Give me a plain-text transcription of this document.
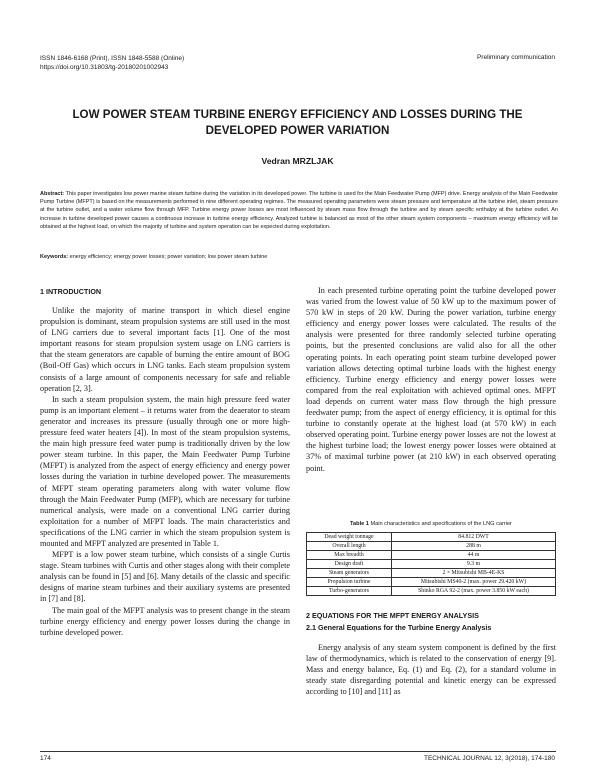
ISSN 1846-6168 (Print), ISSN 1848-5588 (Online)
https://doi.org/10.31803/tg-20180201002943
Preliminary communication
LOW POWER STEAM TURBINE ENERGY EFFICIENCY AND LOSSES DURING THE
DEVELOPED POWER VARIATION
Vedran MRZLJAK
Abstract: This paper investigates low power marine steam turbine during the variation in its developed power. The turbine is used for the Main Feedwater Pump (MFP) drive. Energy analysis of the Main Feedwater Pump Turbine (MFPT) is based on the measurements performed in nine different operating regimes. The measured operating parameters were steam pressure and temperature at the turbine inlet, steam pressure at the turbine outlet, and a water volume flow through MFP. Turbine energy power losses are most influenced by steam mass flow through the turbine and by steam specific enthalpy at the turbine outlet. An increase in turbine developed power causes a continuous increase in turbine energy efficiency. Analyzed turbine is balanced as most of the other steam system components – maximum energy efficiency will be obtained at the highest load, on which the majority of turbine and system operation can be expected during exploitation.
Keywords: energy efficiency; energy power losses; power variation; low power steam turbine
1 INTRODUCTION

Unlike the majority of marine transport in which diesel engine propulsion is dominant, steam propulsion systems are still used in the most of LNG carriers due to several important facts [1]. One of the most important reasons for steam propulsion system usage on LNG carriers is that the steam generators are capable of burning the entire amount of BOG (Boil-Off Gas) which occurs in LNG tanks. Each steam propulsion system consists of a large amount of components necessary for safe and reliable operation [2, 3].

In such a steam propulsion system, the main high pressure feed water pump is an important element – it returns water from the deaerator to steam generator and increases its pressure (usually through one or more high-pressure feed water heaters [4]). In most of the steam propulsion systems, the main high pressure feed water pump is traditionally driven by the low power steam turbine. In this paper, the Main Feedwater Pump Turbine (MFPT) is analyzed from the aspect of energy efficiency and energy power losses during the variation in turbine developed power. The measurements of MFPT steam operating parameters along with water volume flow through the Main Feedwater Pump (MFP), which are necessary for turbine numerical analysis, were made on a conventional LNG carrier during exploitation for a number of MFPT loads. The main characteristics and specifications of the LNG carrier in which the steam propulsion system is mounted and MFPT analyzed are presented in Table 1.

MFPT is a low power steam turbine, which consists of a single Curtis stage. Steam turbines with Curtis and other stages along with their complete analysis can be found in [5] and [6]. Many details of the classic and specific designs of marine steam turbines and their auxiliary systems are presented in [7] and [8].

The main goal of the MFPT analysis was to present change in the steam turbine energy efficiency and energy power losses during the change in turbine developed power.

In each presented turbine operating point the turbine developed power was varied from the lowest value of 50 kW up to the maximum power of 570 kW in steps of 20 kW. During the power variation, turbine energy efficiency and energy power losses were calculated. The results of the analysis were presented for three randomly selected turbine operating points, but the presented conclusions are valid also for all the other operating points. In each operating point steam turbine developed power variation allows detecting optimal turbine loads with the highest energy efficiency. Turbine energy efficiency and energy power losses were compared from the real exploitation with achieved optimal ones. MFPT load depends on current water mass flow through the high pressure feedwater pump; from the aspect of energy efficiency, it is optimal for this turbine to constantly operate at the highest load (at 570 kW) in each observed operating point. Turbine energy power losses are not the lowest at the highest turbine load; the lowest energy power losses were obtained at 37% of maximal turbine power (at 210 kW) in each observed operating point.

Table 1 Main characteristics and specifications of the LNG carrier
Dead weight tonnage	84.812 DWT
Overall length	288 m
Max breadth	44 m
Design draft	9.3 m
Steam generators	2 × Mitsubishi MB-4E-KS
Propulsion turbine	Mitsubishi MS40-2 (max. power 29.420 kW)
Turbo-generators	Shinko RGA 92-2 (max. power 3.850 kW each)
2 EQUATIONS FOR THE MFPT ENERGY ANALYSIS
2.1 General Equations for the Turbine Energy Analysis

Energy analysis of any steam system component is defined by the first law of thermodynamics, which is related to the conservation of energy [9]. Mass and energy balance, Eq. (1) and Eq. (2), for a standard volume in steady state disregarding potential and kinetic energy can be expressed according to [10] and [11] as

174	TECHNICAL JOURNAL 12, 3(2018), 174-180
